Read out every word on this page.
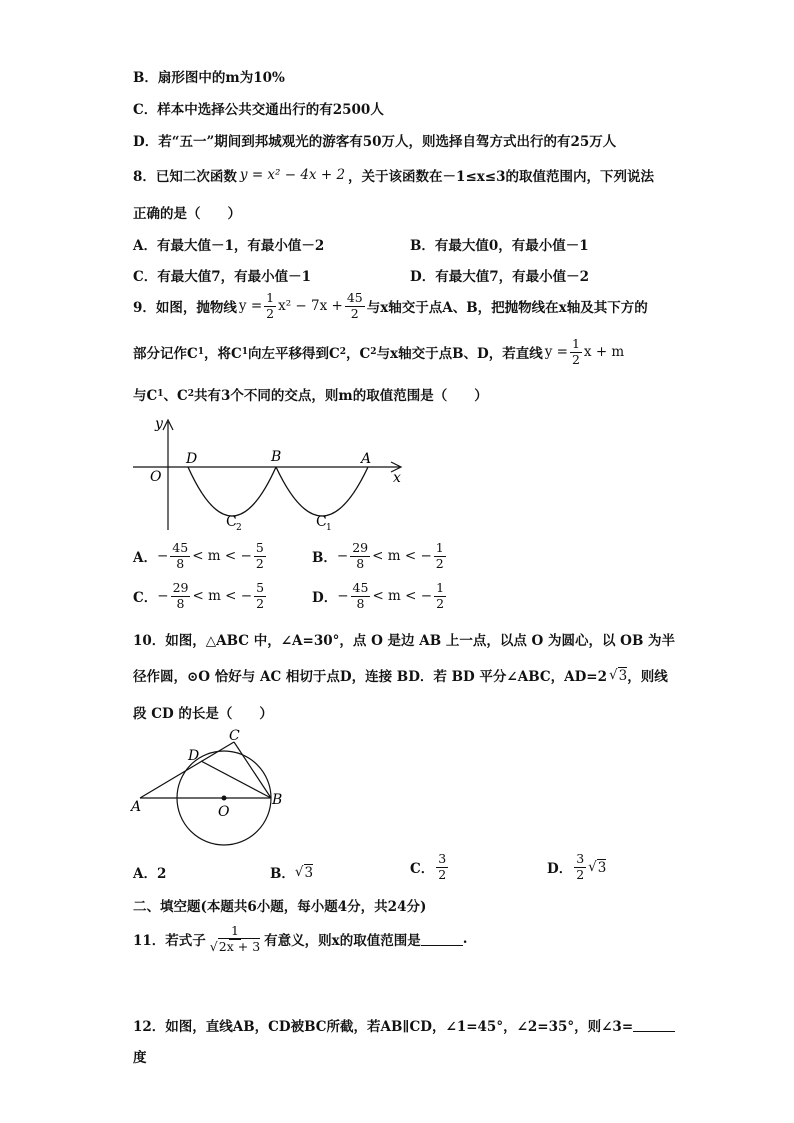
B．扇形图中的m为10%
C．样本中选择公共交通出行的有2500人
D．若“五一”期间到邦城观光的游客有50万人，则选择自驾方式出行的有25万人
8．已知二次函数 y = x² − 4x + 2 ，关于该函数在－1≤x≤3的取值范围内，下列说法
正确的是（　　）
A．有最大值－1，有最小值－2	B．有最大值0，有最小值－1
C．有最大值7，有最小值－1	D．有最大值7，有最小值－2
9．如图，抛物线 $y = \frac{1}{2} x^2 - 7x + \frac{45}{2}$ 与x轴交于点A、B，把抛物线在x轴及其下方的
部分记作C 1 ，将C 1 向左平移得到C 2 ，C 2 与x轴交于点B、D，若直线 $y = \frac{1}{2}$ x + m
与C 1 、C 2 共有3个不同的交点，则m的取值范围是（　　）
y
x
O
D	B	A
C 2	C 1
A． − $\frac{45}{8} < m$ < − $\frac{5}{2}$	B． − $\frac{29}{8} < m$ < − $\frac{1}{2}$
C． − $\frac{29}{8} < m$ < − $\frac{5}{2}$	D． − $\frac{45}{8} < m$ < − $\frac{1}{2}$
10．如图，△ABC 中，∠A=30°，点 O 是边 AB 上一点，以点 O 为圆心，以 OB 为半
径作圆，⊙O 恰好与 AC 相切于点D，连接 BD．若 BD 平分∠ABC，AD=2 √ 3 ，则线
段 CD 的长是（　　）
A	B
C
D
O
A．2	B． √ 3	C． $\frac{3}{2}$	D． $\frac{3}{2}$ √ 3
二、填空题(本题共6小题，每小题4分，共24分)
11．若式子 $\frac{1}{√2x + 3}$ 有意义，则x的取值范围是	.
12．如图，直线AB，CD被BC所截，若AB∥CD，∠1=45°，∠2=35°，则∠3=
度
